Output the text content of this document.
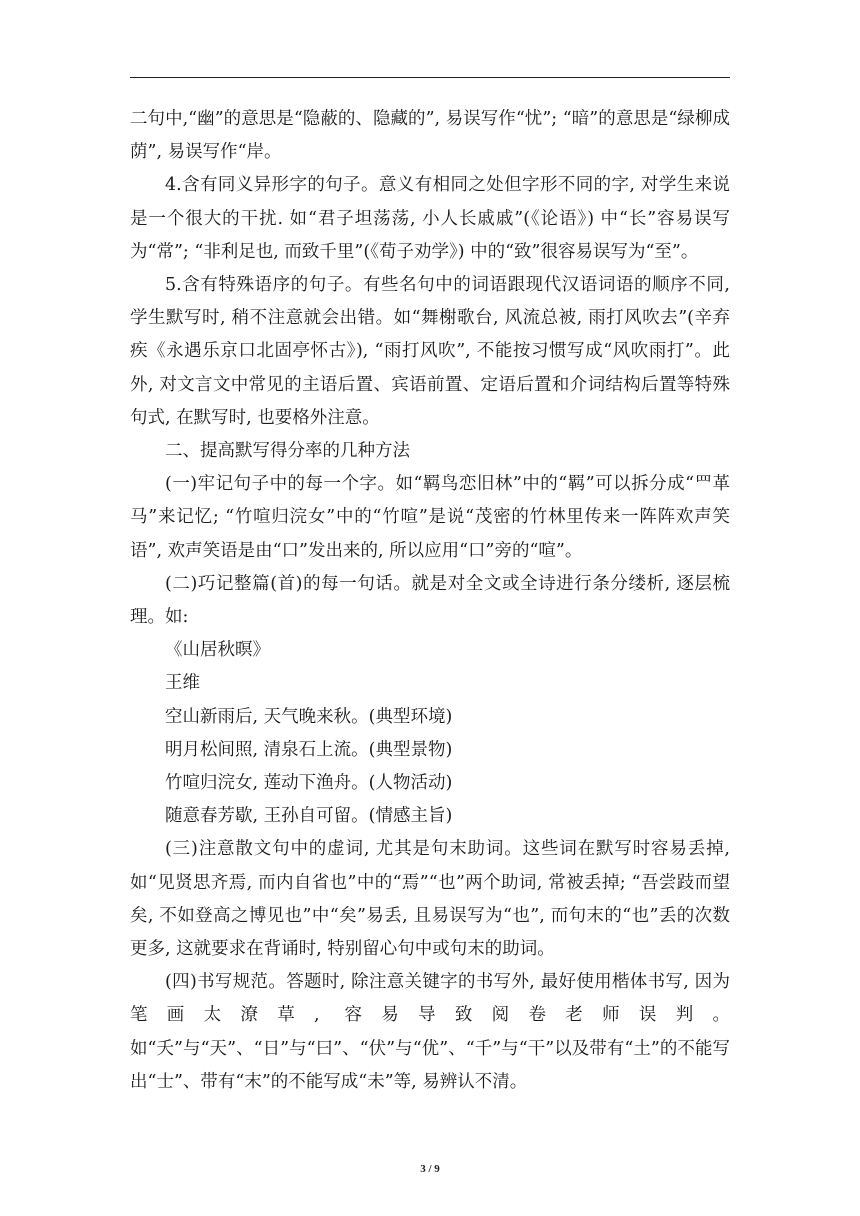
二句中,“幽”的意思是“隐蔽的、隐藏的”, 易误写作“忧”; “暗”的意思是“绿柳成荫”, 易误写作“岸。

4.含有同义异形字的句子。意义有相同之处但字形不同的字, 对学生来说是一个很大的干扰. 如“君子坦荡荡, 小人长戚戚”(《论语》) 中“长”容易误写为“常”; “非利足也, 而致千里”(《荀子劝学》) 中的“致”很容易误写为“至”。

5.含有特殊语序的句子。有些名句中的词语跟现代汉语词语的顺序不同, 学生默写时, 稍不注意就会出错。如“舞榭歌台, 风流总被, 雨打风吹去”(辛弃疾《永遇乐京口北固亭怀古》), “雨打风吹”, 不能按习惯写成“风吹雨打”。此外, 对文言文中常见的主语后置、宾语前置、定语后置和介词结构后置等特殊句式, 在默写时, 也要格外注意。

二、提高默写得分率的几种方法

(一)牢记句子中的每一个字。如“羁鸟恋旧林”中的“羁”可以拆分成“罒革马”来记忆; “竹喧归浣女”中的“竹喧”是说“茂密的竹林里传来一阵阵欢声笑语”, 欢声笑语是由“口”发出来的, 所以应用“口”旁的“喧”。

(二)巧记整篇(首)的每一句话。就是对全文或全诗进行条分缕析, 逐层梳理。如:

《山居秋暝》

王维

空山新雨后, 天气晚来秋。(典型环境)

明月松间照, 清泉石上流。(典型景物)

竹喧归浣女, 莲动下渔舟。(人物活动)

随意春芳歇, 王孙自可留。(情感主旨)

(三)注意散文句中的虚词, 尤其是句末助词。这些词在默写时容易丢掉, 如“见贤思齐焉, 而内自省也”中的“焉”“也”两个助词, 常被丢掉; “吾尝跂而望矣, 不如登高之博见也”中“矣”易丢, 且易误写为“也”, 而句末的“也”丢的次数更多, 这就要求在背诵时, 特别留心句中或句末的助词。

(四)书写规范。答题时, 除注意关键字的书写外, 最好使用楷体书写, 因为笔画太潦草, 容易导致阅卷老师误判。如“夭”与“天”、“日”与“曰”、“伏”与“优”、“千”与“干”以及带有“土”的不能写出“士”、带有“末”的不能写成“未”等, 易辨认不清。

3 / 9
